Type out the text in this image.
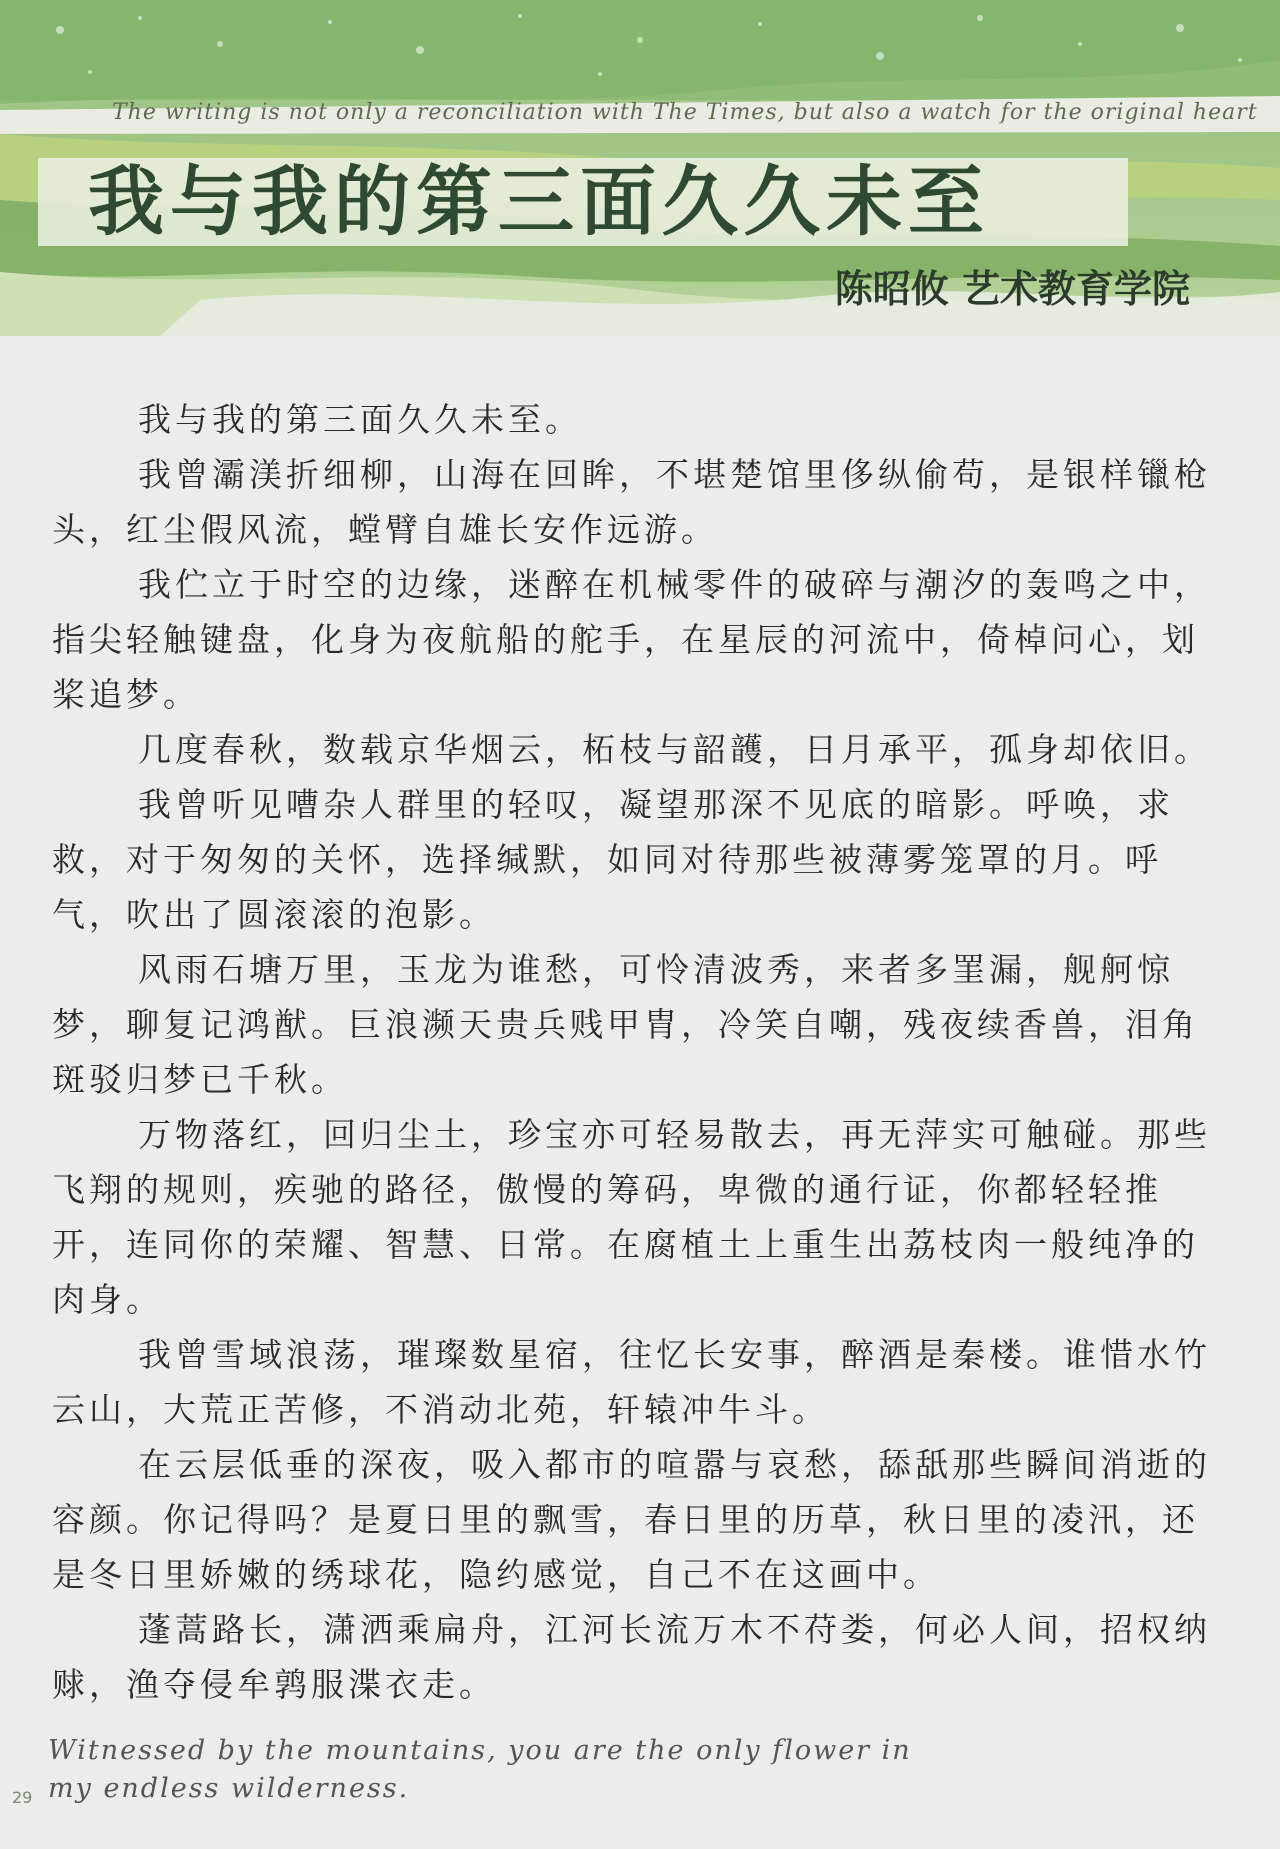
The writing is not only a reconciliation with The Times, but also a watch for the original heart
我与我的第三面久久未至
陈昭攸 艺术教育学院

我与我的第三面久久未至。

我曾灞渼折细柳，山海在回眸，不堪楚馆里侈纵偷苟，是银样镴枪头，红尘假风流，螳臂自雄长安作远游。

我伫立于时空的边缘，迷醉在机械零件的破碎与潮汐的轰鸣之中，指尖轻触键盘，化身为夜航船的舵手，在星辰的河流中，倚棹问心，划桨追梦。

几度春秋，数载京华烟云，柘枝与韶頀，日月承平，孤身却依旧。

我曾听见嘈杂人群里的轻叹，凝望那深不见底的暗影。呼唤，求救，对于匆匆的关怀，选择缄默，如同对待那些被薄雾笼罩的月。呼气，吹出了圆滚滚的泡影。

风雨石塘万里，玉龙为谁愁，可怜清波秀，来者多罣漏，舰舸惊梦，聊复记鸿猷。巨浪濒天贵兵贱甲胄，冷笑自嘲，残夜续香兽，泪角斑驳归梦已千秋。

万物落红，回归尘土，珍宝亦可轻易散去，再无萍实可触碰。那些飞翔的规则，疾驰的路径，傲慢的筹码，卑微的通行证，你都轻轻推开，连同你的荣耀、智慧、日常。在腐植土上重生出荔枝肉一般纯净的肉身。

我曾雪域浪荡，璀璨数星宿，往忆长安事，醉酒是秦楼。谁惜水竹云山，大荒正苦修，不消动北苑，轩辕冲牛斗。

在云层低垂的深夜，吸入都市的喧嚣与哀愁，舔舐那些瞬间消逝的容颜。你记得吗？是夏日里的飘雪，春日里的历草，秋日里的凌汛，还是冬日里娇嫩的绣球花，隐约感觉，自己不在这画中。

蓬蒿路长，潇洒乘扁舟，江河长流万木不苻娄，何必人间，招权纳赇，渔夺侵牟鹑服渫衣走。

Witnessed by the mountains, you are the only flower in my endless wilderness.
29
